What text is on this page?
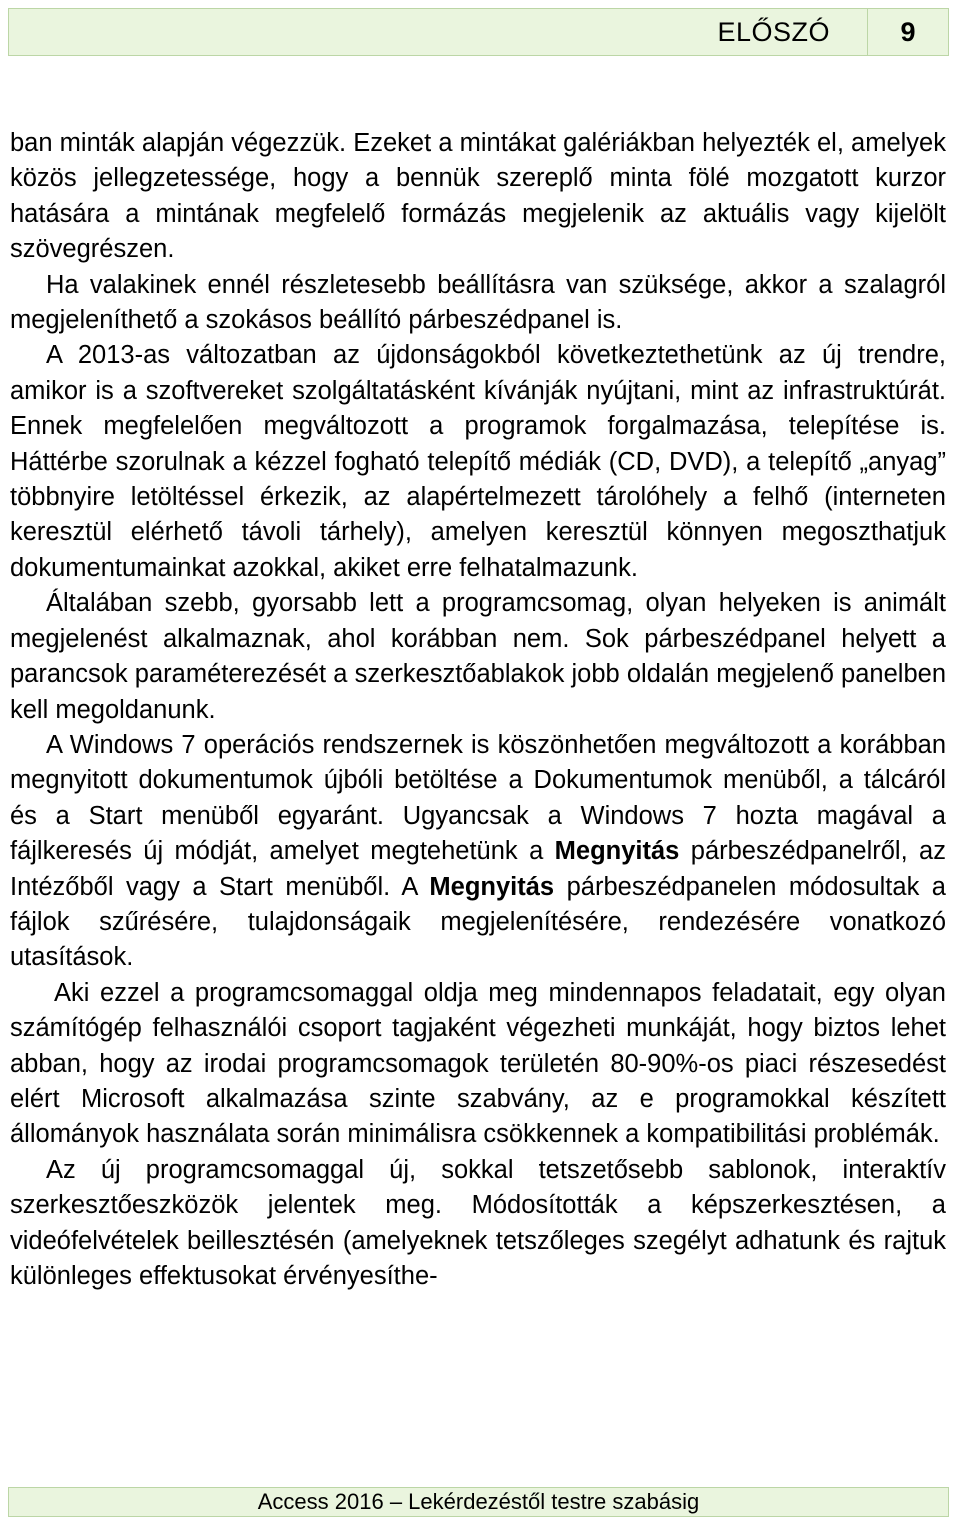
ELŐSZÓ	9

ban minták alapján végezzük. Ezeket a mintákat galériákban helyezték el, amelyek közös jellegzetessége, hogy a bennük szereplő minta fölé mozgatott kurzor hatására a mintának megfelelő formázás megjelenik az aktuális vagy kijelölt szövegrészen.

Ha valakinek ennél részletesebb beállításra van szüksége, akkor a szalagról megjeleníthető a szokásos beállító párbeszédpanel is.

A 2013-as változatban az újdonságokból következtethetünk az új trendre, amikor is a szoftvereket szolgáltatásként kívánják nyújtani, mint az infrastruktúrát. Ennek megfelelően megváltozott a programok forgalmazása, telepítése is. Háttérbe szorulnak a kézzel fogható telepítő médiák (CD, DVD), a telepítő „anyag” többnyire letöltéssel érkezik, az alapértelmezett tárolóhely a felhő (interneten keresztül elérhető távoli tárhely), amelyen keresztül könnyen megoszthatjuk dokumentumainkat azokkal, akiket erre felhatalmazunk.

Általában szebb, gyorsabb lett a programcsomag, olyan helyeken is animált megjelenést alkalmaznak, ahol korábban nem. Sok párbeszédpanel helyett a parancsok paraméterezését a szerkesztőablakok jobb oldalán megjelenő panelben kell megoldanunk.

A Windows 7 operációs rendszernek is köszönhetően megváltozott a korábban megnyitott dokumentumok újbóli betöltése a Dokumentumok menüből, a tálcáról és a Start menüből egyaránt. Ugyancsak a Windows 7 hozta magával a fájlkeresés új módját, amelyet megtehetünk a Megnyitás párbeszédpanelről, az Intézőből vagy a Start menüből. A Megnyitás párbeszédpanelen módosultak a fájlok szűrésére, tulajdonságaik megjelenítésére, rendezésére vonatkozó utasítások.

Aki ezzel a programcsomaggal oldja meg mindennapos feladatait, egy olyan számítógép felhasználói csoport tagjaként végezheti munkáját, hogy biztos lehet abban, hogy az irodai programcsomagok területén 80-90%-os piaci részesedést elért Microsoft alkalmazása szinte szabvány, az e programokkal készített állományok használata során minimálisra csökkennek a kompatibilitási problémák.

Az új programcsomaggal új, sokkal tetszetősebb sablonok, interaktív szerkesztőeszközök jelentek meg. Módosították a képszerkesztésen, a videófelvételek beillesztésén (amelyeknek tetszőleges szegélyt adhatunk és rajtuk különleges effektusokat érvényesíthe-

Access 2016 – Lekérdezéstől testre szabásig
